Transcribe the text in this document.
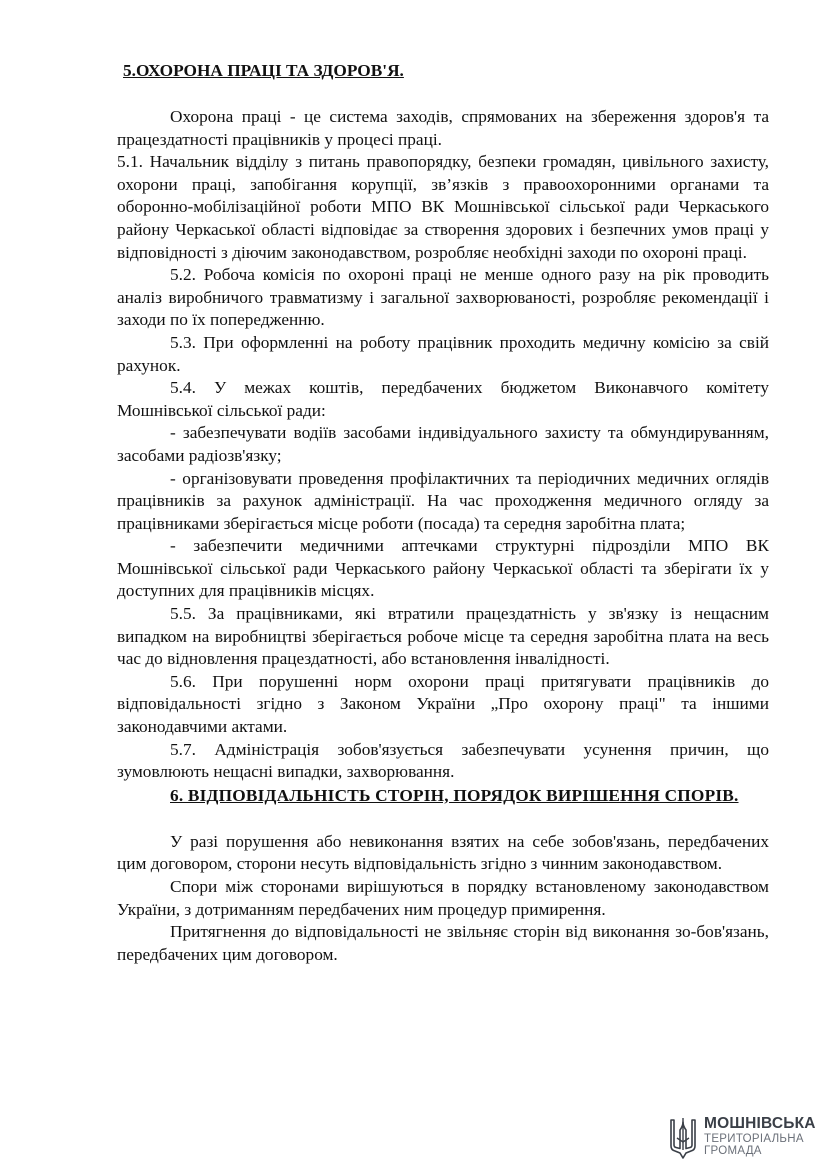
5.ОХОРОНА ПРАЦІ ТА ЗДОРОВ'Я.

Охорона праці - це система заходів, спрямованих на збереження здоров'я та працездатності працівників у процесі праці.

5.1. Начальник відділу з питань правопорядку, безпеки громадян, цивільного захисту, охорони праці, запобігання корупції, зв’язків з правоохоронними органами та оборонно-мобілізаційної роботи МПО ВК Мошнівської сільської ради Черкаського району Черкаської області відповідає за створення здорових і безпечних умов праці у відповідності з діючим законодавством, розробляє необхідні заходи по охороні праці.

5.2. Робоча комісія по охороні праці не менше одного разу на рік проводить аналіз виробничого травматизму і загальної захворюваності, розробляє рекомендації і заходи по їх попередженню.

5.3. При оформленні на роботу працівник проходить медичну комісію за свій рахунок.

5.4. У межах коштів, передбачених бюджетом Виконавчого комітету Мошнівської сільської ради:

- забезпечувати водіїв засобами індивідуального захисту та обмундируванням, засобами радіозв'язку;

- організовувати проведення профілактичних та періодичних медичних оглядів працівників за рахунок адміністрації. На час проходження медичного огляду за працівниками зберігається місце роботи (посада) та середня заробітна плата;

- забезпечити медичними аптечками структурні підрозділи МПО ВК Мошнівської сільської ради Черкаського району Черкаської області та зберігати їх у доступних для працівників місцях.

5.5. За працівниками, які втратили працездатність у зв'язку із нещасним випадком на виробництві зберігається робоче місце та середня заробітна плата на весь час до відновлення працездатності, або встановлення інвалідності.

5.6. При порушенні норм охорони праці притягувати працівників до відповідальності згідно з Законом України „Про охорону праці" та іншими законодавчими актами.

5.7. Адміністрація зобов'язується забезпечувати усунення причин, що зумовлюють нещасні випадки, захворювання.

6. ВІДПОВІДАЛЬНІСТЬ СТОРІН, ПОРЯДОК ВИРІШЕННЯ СПОРІВ.

У разі порушення або невиконання взятих на себе зобов'язань, передбачених цим договором, сторони несуть відповідальність згідно з чинним законодавством.

Спори між сторонами вирішуються в порядку встановленому законодавством України, з дотриманням передбачених ним процедур примирення.

Притягнення до відповідальності не звільняє сторін від виконання зо-бов'язань, передбачених цим договором.

МОШНІВСЬКА
ТЕРИТОРІАЛЬНА
ГРОМАДА
